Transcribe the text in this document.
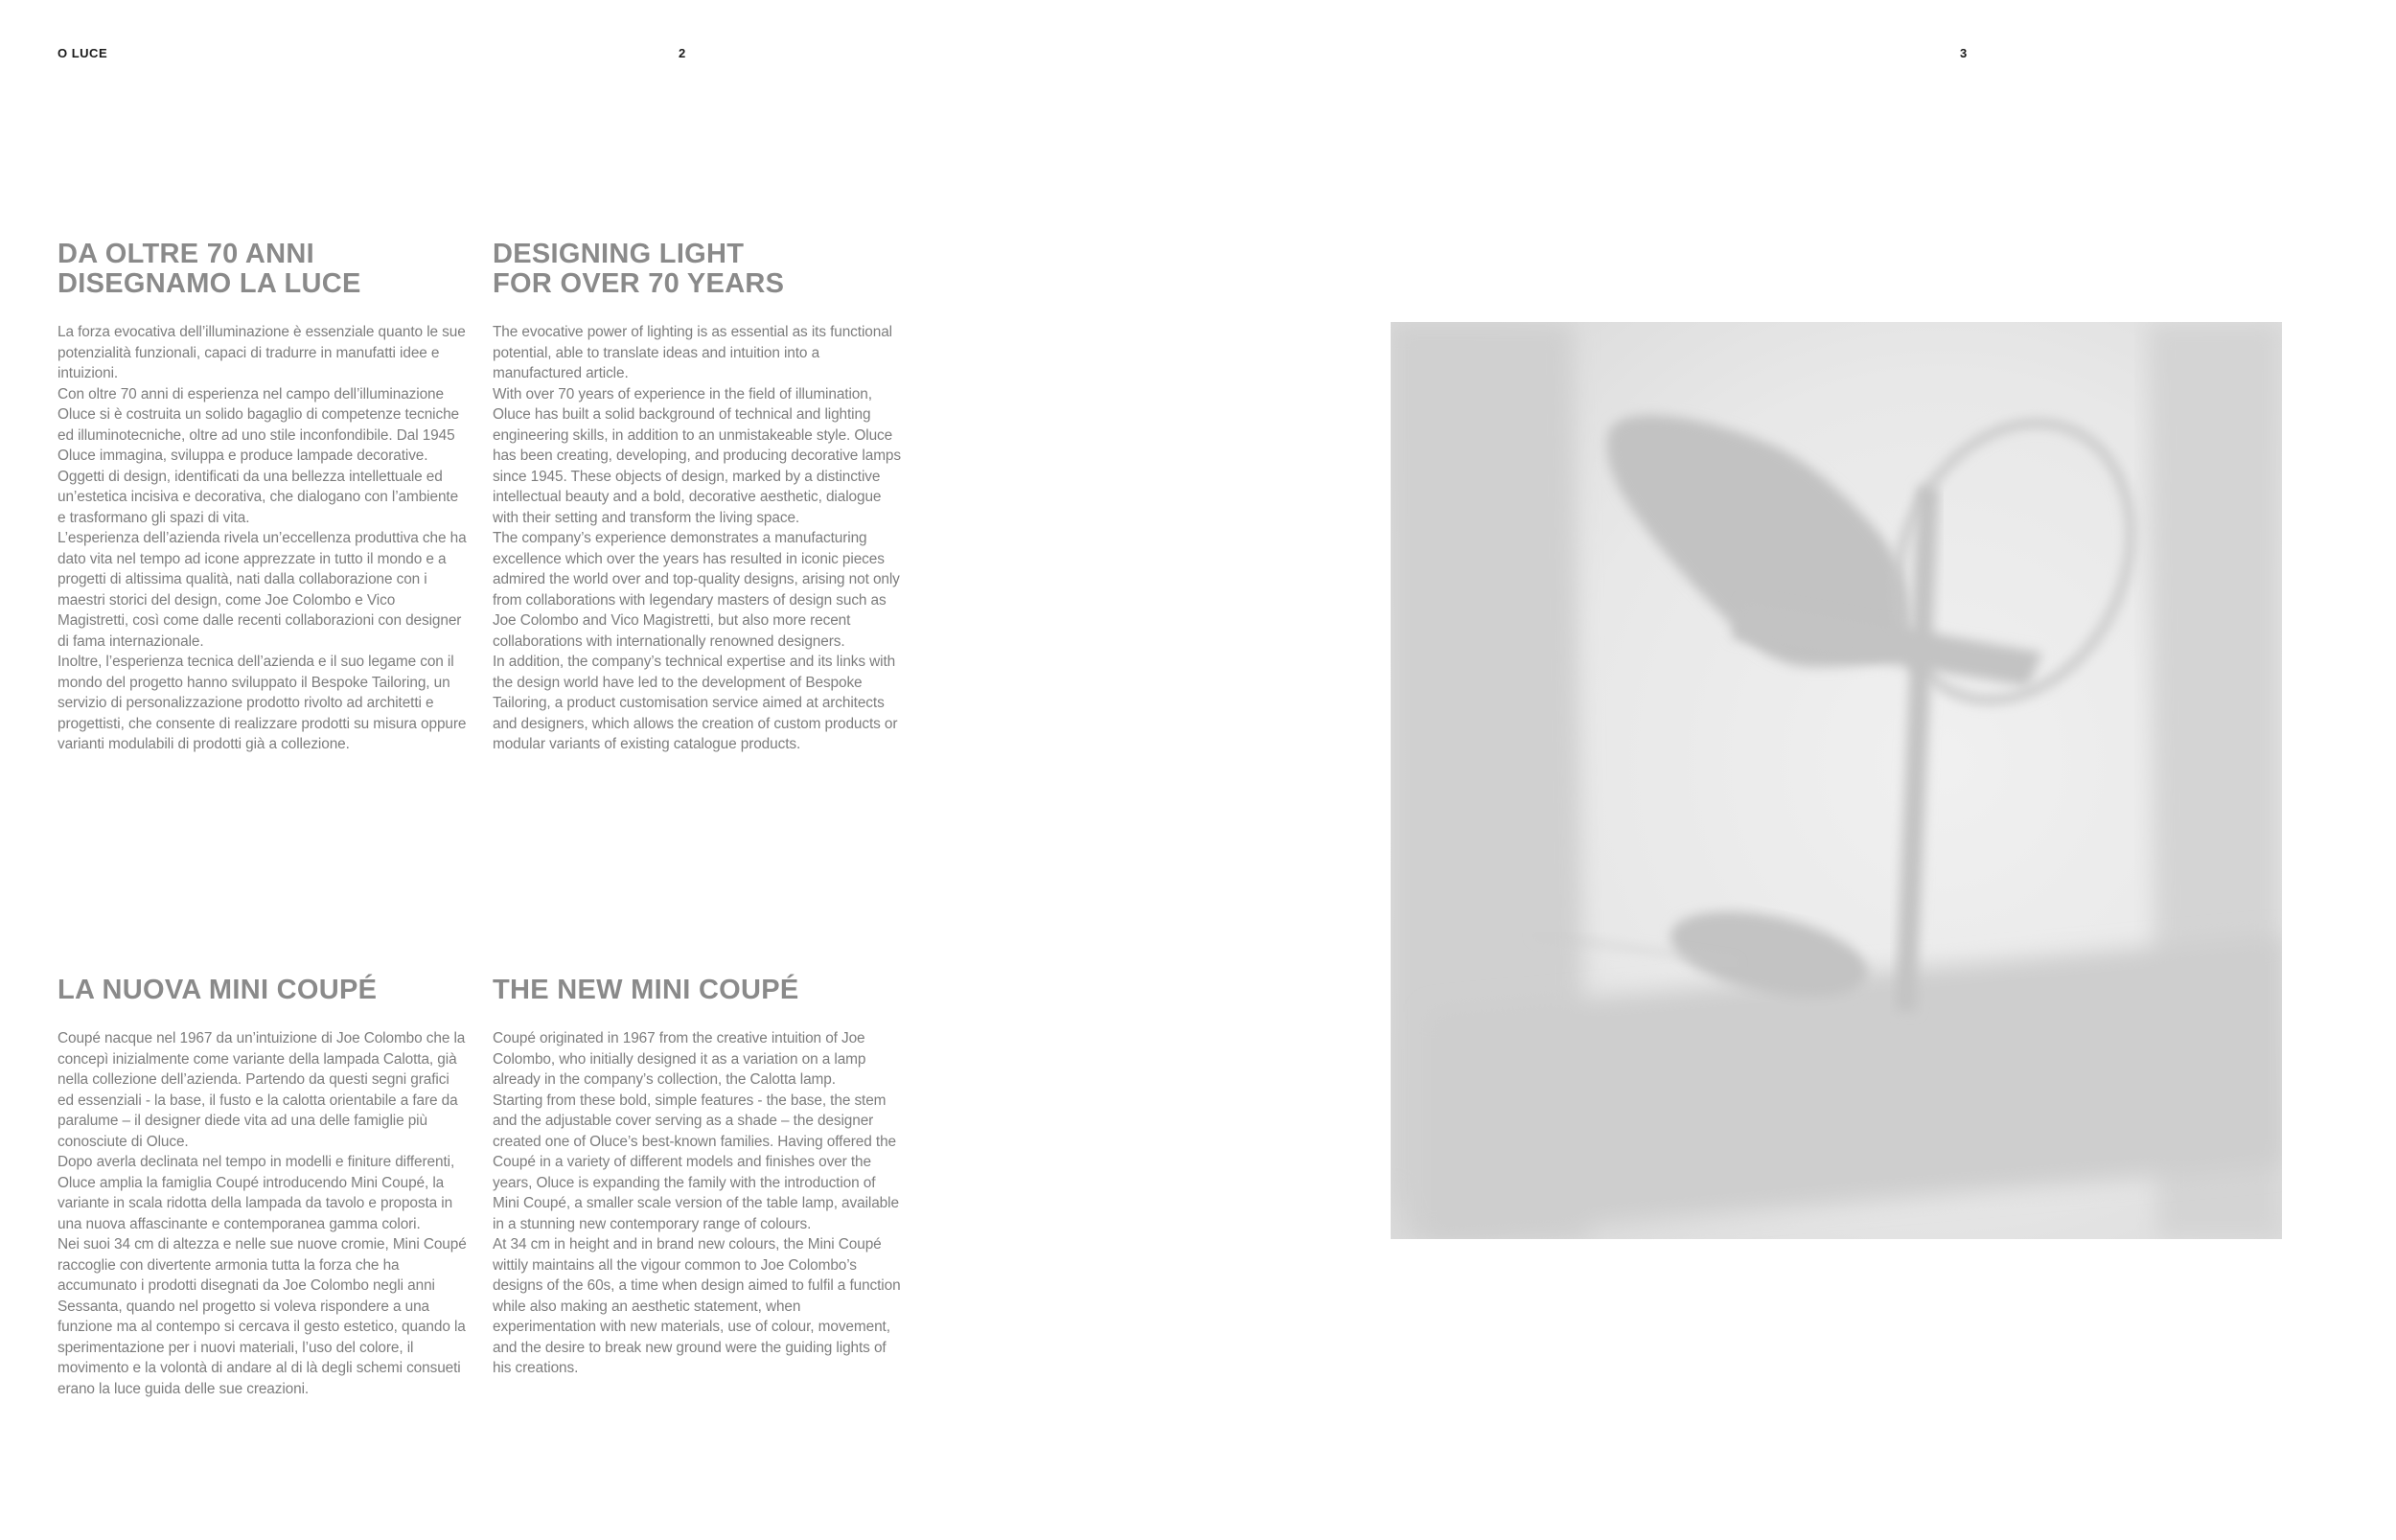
O LUCE	2	3
DA OLTRE 70 ANNI
DISEGNAMO LA LUCE

La forza evocativa dell’illuminazione è essenziale quanto le sue potenzialità funzionali, capaci di tradurre in manufatti idee e intuizioni.

Con oltre 70 anni di esperienza nel campo dell’illuminazione Oluce si è costruita un solido bagaglio di competenze tecniche ed illuminotecniche, oltre ad uno stile inconfondibile. Dal 1945 Oluce immagina, sviluppa e produce lampade decorative. Oggetti di design, identificati da una bellezza intellettuale ed un’estetica incisiva e decorativa, che dialogano con l’ambiente e trasformano gli spazi di vita.

L’esperienza dell’azienda rivela un’eccellenza produttiva che ha dato vita nel tempo ad icone apprezzate in tutto il mondo e a progetti di altissima qualità, nati dalla collaborazione con i maestri storici del design, come Joe Colombo e Vico Magistretti, così come dalle recenti collaborazioni con designer di fama internazionale.

Inoltre, l’esperienza tecnica dell’azienda e il suo legame con il mondo del progetto hanno sviluppato il Bespoke Tailoring, un servizio di personalizzazione prodotto rivolto ad architetti e progettisti, che consente di realizzare prodotti su misura oppure varianti modulabili di prodotti già a collezione.

DESIGNING LIGHT
FOR OVER 70 YEARS

The evocative power of lighting is as essential as its functional potential, able to translate ideas and intuition into a manufactured article.

With over 70 years of experience in the field of illumination, Oluce has built a solid background of technical and lighting engineering skills, in addition to an unmistakeable style. Oluce has been creating, developing, and producing decorative lamps since 1945. These objects of design, marked by a distinctive intellectual beauty and a bold, decorative aesthetic, dialogue with their setting and transform the living space.

The company’s experience demonstrates a manufacturing excellence which over the years has resulted in iconic pieces admired the world over and top-quality designs, arising not only from collaborations with legendary masters of design such as Joe Colombo and Vico Magistretti, but also more recent collaborations with internationally renowned designers.

In addition, the company’s technical expertise and its links with the design world have led to the development of Bespoke Tailoring, a product customisation service aimed at architects and designers, which allows the creation of custom products or modular variants of existing catalogue products.

LA NUOVA MINI COUPÉ

Coupé nacque nel 1967 da un’intuizione di Joe Colombo che la concepì inizialmente come variante della lampada Calotta, già nella collezione dell’azienda. Partendo da questi segni grafici ed essenziali - la base, il fusto e la calotta orientabile a fare da paralume – il designer diede vita ad una delle famiglie più conosciute di Oluce.

Dopo averla declinata nel tempo in modelli e finiture differenti, Oluce amplia la famiglia Coupé introducendo Mini Coupé, la variante in scala ridotta della lampada da tavolo e proposta in una nuova affascinante e contemporanea gamma colori.

Nei suoi 34 cm di altezza e nelle sue nuove cromie, Mini Coupé raccoglie con divertente armonia tutta la forza che ha accumunato i prodotti disegnati da Joe Colombo negli anni Sessanta, quando nel progetto si voleva rispondere a una funzione ma al contempo si cercava il gesto estetico, quando la sperimentazione per i nuovi materiali, l’uso del colore, il movimento e la volontà di andare al di là degli schemi consueti erano la luce guida delle sue creazioni.

THE NEW MINI COUPÉ

Coupé originated in 1967 from the creative intuition of Joe Colombo, who initially designed it as a variation on a lamp already in the company’s collection, the Calotta lamp.

Starting from these bold, simple features - the base, the stem and the adjustable cover serving as a shade – the designer created one of Oluce’s best-known families. Having offered the Coupé in a variety of different models and finishes over the years, Oluce is expanding the family with the introduction of Mini Coupé, a smaller scale version of the table lamp, available in a stunning new contemporary range of colours.

At 34 cm in height and in brand new colours, the Mini Coupé wittily maintains all the vigour common to Joe Colombo’s designs of the 60s, a time when design aimed to fulfil a function while also making an aesthetic statement, when experimentation with new materials, use of colour, movement, and the desire to break new ground were the guiding lights of his creations.
